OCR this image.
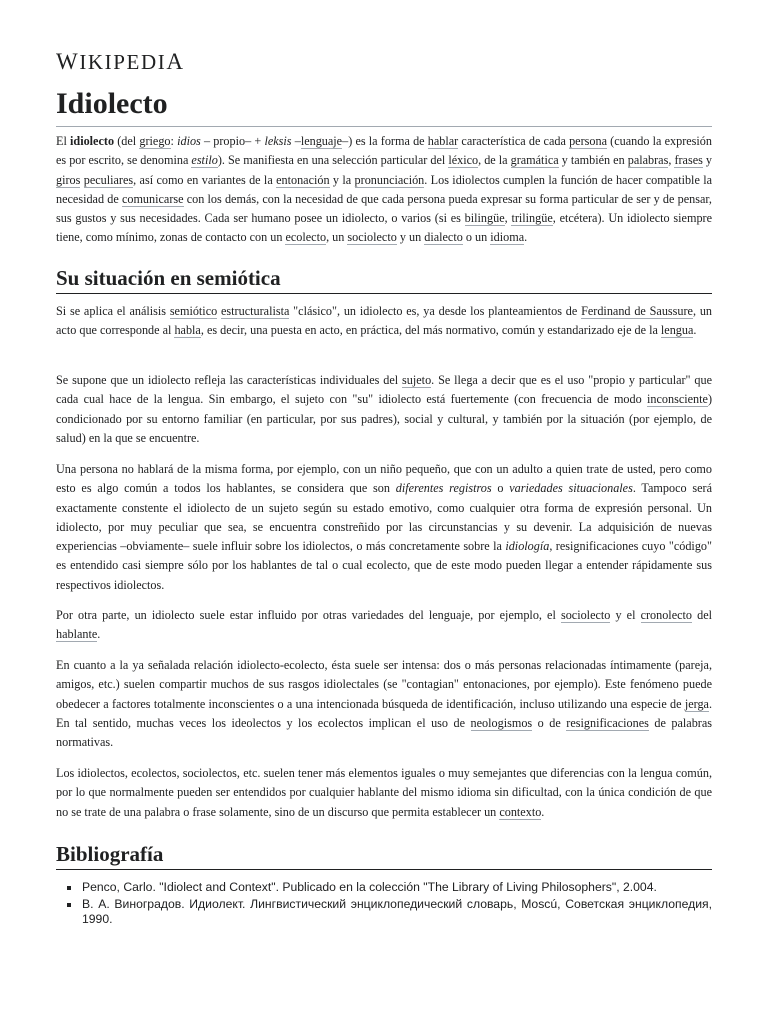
WIKIPEDIA
Idiolecto

El idiolecto (del griego: idios – propio– + leksis –lenguaje–) es la forma de hablar característica de cada persona (cuando la expresión es por escrito, se denomina estilo). Se manifiesta en una selección particular del léxico, de la gramática y también en palabras, frases y giros peculiares, así como en variantes de la entonación y la pronunciación. Los idiolectos cumplen la función de hacer compatible la necesidad de comunicarse con los demás, con la necesidad de que cada persona pueda expresar su forma particular de ser y de pensar, sus gustos y sus necesidades. Cada ser humano posee un idiolecto, o varios (si es bilingüe, trilingüe, etcétera). Un idiolecto siempre tiene, como mínimo, zonas de contacto con un ecolecto, un sociolecto y un dialecto o un idioma.

Su situación en semiótica

Si se aplica el análisis semiótico estructuralista "clásico", un idiolecto es, ya desde los planteamientos de Ferdinand de Saussure, un acto que corresponde al habla, es decir, una puesta en acto, en práctica, del más normativo, común y estandarizado eje de la lengua.

Se supone que un idiolecto refleja las características individuales del sujeto. Se llega a decir que es el uso "propio y particular" que cada cual hace de la lengua. Sin embargo, el sujeto con "su" idiolecto está fuertemente (con frecuencia de modo inconsciente) condicionado por su entorno familiar (en particular, por sus padres), social y cultural, y también por la situación (por ejemplo, de salud) en la que se encuentre.

Una persona no hablará de la misma forma, por ejemplo, con un niño pequeño, que con un adulto a quien trate de usted, pero como esto es algo común a todos los hablantes, se considera que son diferentes registros o variedades situacionales. Tampoco será exactamente constente el idiolecto de un sujeto según su estado emotivo, como cualquier otra forma de expresión personal. Un idiolecto, por muy peculiar que sea, se encuentra constreñido por las circunstancias y su devenir. La adquisición de nuevas experiencias –obviamente– suele influir sobre los idiolectos, o más concretamente sobre la idiología, resignificaciones cuyo "código" es entendido casi siempre sólo por los hablantes de tal o cual ecolecto, que de este modo pueden llegar a entender rápidamente sus respectivos idiolectos.

Por otra parte, un idiolecto suele estar influido por otras variedades del lenguaje, por ejemplo, el sociolecto y el cronolecto del hablante.

En cuanto a la ya señalada relación idiolecto-ecolecto, ésta suele ser intensa: dos o más personas relacionadas íntimamente (pareja, amigos, etc.) suelen compartir muchos de sus rasgos idiolectales (se "contagian" entonaciones, por ejemplo). Este fenómeno puede obedecer a factores totalmente inconscientes o a una intencionada búsqueda de identificación, incluso utilizando una especie de jerga. En tal sentido, muchas veces los ideolectos y los ecolectos implican el uso de neologismos o de resignificaciones de palabras normativas.

Los idiolectos, ecolectos, sociolectos, etc. suelen tener más elementos iguales o muy semejantes que diferencias con la lengua común, por lo que normalmente pueden ser entendidos por cualquier hablante del mismo idioma sin dificultad, con la única condición de que no se trate de una palabra o frase solamente, sino de un discurso que permita establecer un contexto.

Bibliografía
Penco, Carlo. "Idiolect and Context". Publicado en la colección "The Library of Living Philosophers", 2.004.
В. А. Виноградов. Идиолект. Лингвистический энциклопедический словарь, Moscú, Советская энциклопедия, 1990.
